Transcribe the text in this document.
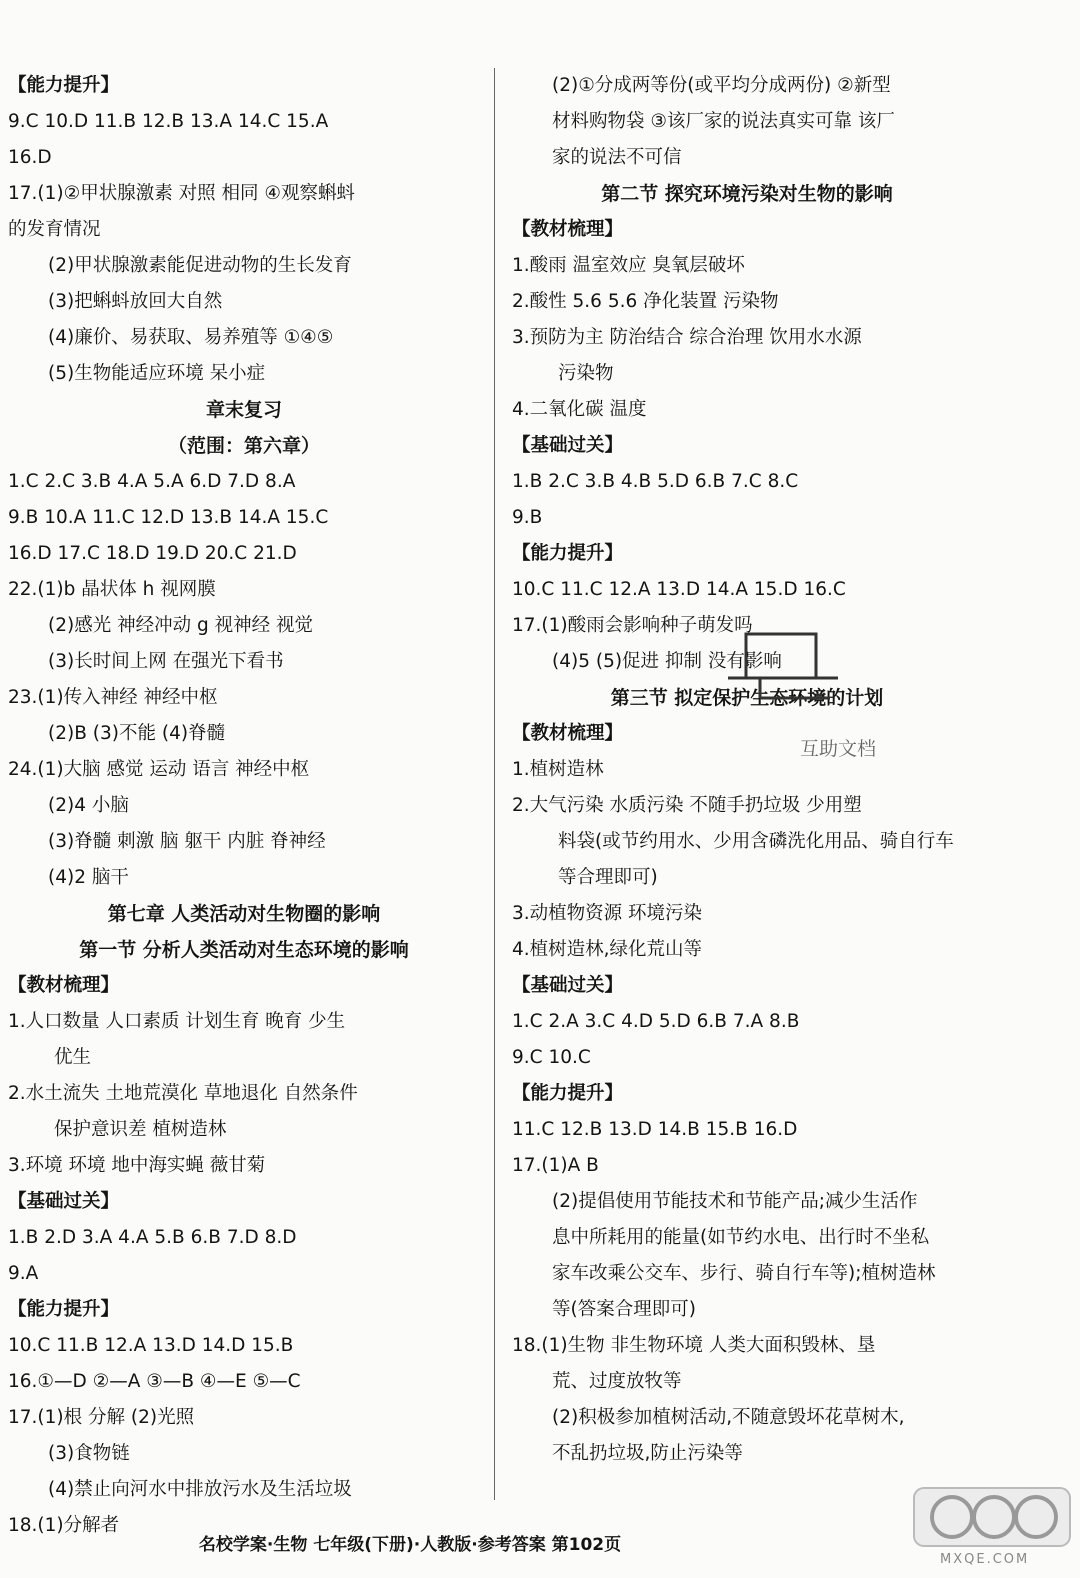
【能力提升】
9.C 10.D 11.B 12.B 13.A 14.C 15.A
16.D
17.(1)②甲状腺激素 对照 相同 ④观察蝌蚪
的发育情况
(2)甲状腺激素能促进动物的生长发育
(3)把蝌蚪放回大自然
(4)廉价、易获取、易养殖等 ①④⑤
(5)生物能适应环境 呆小症
章末复习
（范围：第六章）
1.C 2.C 3.B 4.A 5.A 6.D 7.D 8.A
9.B 10.A 11.C 12.D 13.B 14.A 15.C
16.D 17.C 18.D 19.D 20.C 21.D
22.(1)b 晶状体 h 视网膜
(2)感光 神经冲动 g 视神经 视觉
(3)长时间上网 在强光下看书
23.(1)传入神经 神经中枢
(2)B (3)不能 (4)脊髓
24.(1)大脑 感觉 运动 语言 神经中枢
(2)4 小脑
(3)脊髓 刺激 脑 躯干 内脏 脊神经
(4)2 脑干
第七章 人类活动对生物圈的影响
第一节 分析人类活动对生态环境的影响
【教材梳理】
1.人口数量 人口素质 计划生育 晚育 少生
优生
2.水土流失 土地荒漠化 草地退化 自然条件
保护意识差 植树造林
3.环境 环境 地中海实蝇 薇甘菊
【基础过关】
1.B 2.D 3.A 4.A 5.B 6.B 7.D 8.D
9.A
【能力提升】
10.C 11.B 12.A 13.D 14.D 15.B
16.①—D ②—A ③—B ④—E ⑤—C
17.(1)根 分解 (2)光照
(3)食物链
(4)禁止向河水中排放污水及生活垃圾
18.(1)分解者
(2)①分成两等份(或平均分成两份) ②新型
材料购物袋 ③该厂家的说法真实可靠 该厂
家的说法不可信
第二节 探究环境污染对生物的影响
【教材梳理】
1.酸雨 温室效应 臭氧层破坏
2.酸性 5.6 5.6 净化装置 污染物
3.预防为主 防治结合 综合治理 饮用水水源
污染物
4.二氧化碳 温度
【基础过关】
1.B 2.C 3.B 4.B 5.D 6.B 7.C 8.C
9.B
【能力提升】
10.C 11.C 12.A 13.D 14.A 15.D 16.C
17.(1)酸雨会影响种子萌发吗
(4)5 (5)促进 抑制 没有影响
第三节 拟定保护生态环境的计划
【教材梳理】
1.植树造林
2.大气污染 水质污染 不随手扔垃圾 少用塑
料袋(或节约用水、少用含磷洗化用品、骑自行车
等合理即可)
3.动植物资源 环境污染
4.植树造林,绿化荒山等
【基础过关】
1.C 2.A 3.C 4.D 5.D 6.B 7.A 8.B
9.C 10.C
【能力提升】
11.C 12.B 13.D 14.B 15.B 16.D
17.(1)A B
(2)提倡使用节能技术和节能产品;减少生活作
息中所耗用的能量(如节约水电、出行时不坐私
家车改乘公交车、步行、骑自行车等);植树造林
等(答案合理即可)
18.(1)生物 非生物环境 人类大面积毁林、垦
荒、过度放牧等
(2)积极参加植树活动,不随意毁坏花草树木,
不乱扔垃圾,防止污染等
互助文档
名校学案·生物 七年级(下册)·人教版·参考答案 第102页
MXQE.COM
